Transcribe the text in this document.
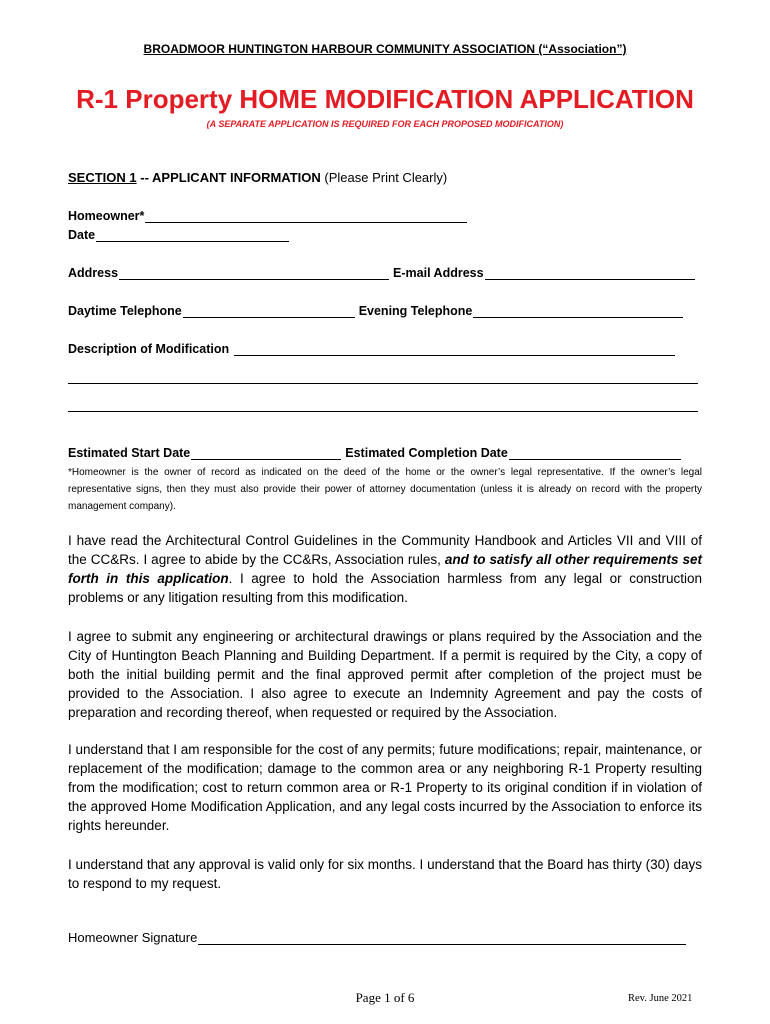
BROADMOOR HUNTINGTON HARBOUR COMMUNITY ASSOCIATION (“Association”)
R-1 Property HOME MODIFICATION APPLICATION
(A SEPARATE APPLICATION IS REQUIRED FOR EACH PROPOSED MODIFICATION)
SECTION 1 -- APPLICANT INFORMATION (Please Print Clearly)
Homeowner*
Date
Address	E-mail Address
Daytime Telephone	Evening Telephone
Description of Modification
Estimated Start Date	Estimated Completion Date
*Homeowner is the owner of record as indicated on the deed of the home or the owner’s legal representative. If the owner’s legal representative signs, then they must also provide their power of attorney documentation (unless it is already on record with the property management company).
I have read the Architectural Control Guidelines in the Community Handbook and Articles VII and VIII of the CC&Rs. I agree to abide by the CC&Rs, Association rules, and to satisfy all other requirements set forth in this application. I agree to hold the Association harmless from any legal or construction problems or any litigation resulting from this modification.
I agree to submit any engineering or architectural drawings or plans required by the Association and the City of Huntington Beach Planning and Building Department. If a permit is required by the City, a copy of both the initial building permit and the final approved permit after completion of the project must be provided to the Association. I also agree to execute an Indemnity Agreement and pay the costs of preparation and recording thereof, when requested or required by the Association.
I understand that I am responsible for the cost of any permits; future modifications; repair, maintenance, or replacement of the modification; damage to the common area or any neighboring R-1 Property resulting from the modification; cost to return common area or R-1 Property to its original condition if in violation of the approved Home Modification Application, and any legal costs incurred by the Association to enforce its rights hereunder.
I understand that any approval is valid only for six months. I understand that the Board has thirty (30) days to respond to my request.
Homeowner Signature
Page 1 of 6	Rev. June 2021
